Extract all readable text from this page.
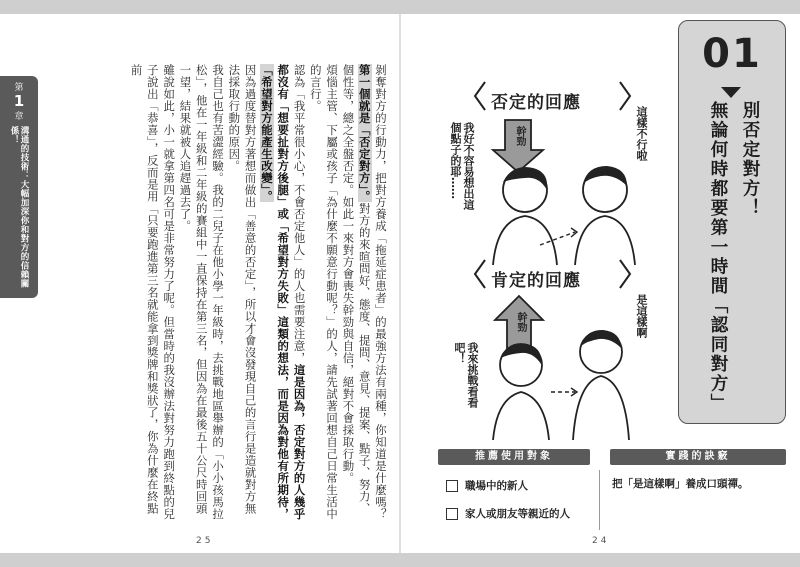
第
1
章
溝通的技術：大幅加深你和對方的信賴關係！	剝奪對方的行動力，把對方養成「拖延症患者」的最強方法有兩種，你知道是什麼嗎？

第一個就是「否定對方」。對方的來暄問好、態度、提問、意見、提案、點子、努力、個性等，總之全盤否定。如此一來對方會喪失幹勁與自信，絕對不會採取行動。

煩惱主管、下屬或孩子「為什麼不願意行動呢？」的人，請先試著回想自己日常生活中的言行。

認為「我平常很小心，不會否定他人」的人也需要注意，這是因為，否定對方的人幾乎都沒有「想要扯對方後腿」或「希望對方失敗」這類的想法，而是因為對他有所期待，「希望對方能產生改變」。

因為過度替對方著想而做出「善意的否定」，所以才會沒發現自己的言行是造就對方無法採取行動的原因。

我自己也有苦澀經驗。我的二兒子在他小學一年級時，去挑戰地區舉辦的「小小孩馬拉松」，他在一年級和二年級的賽組中一直保持在第三名，但因為在最後五十公尺時回頭一望，結果就被人追趕過去了。

雖說如此，小一就拿第四名可是非常努力了呢。但當時的我沒辦法對努力跑到終點的兒子說出「恭喜」，反而是用「只要跑進第三名就能拿到獎牌和獎狀了，你為什麼在終點前

25
01
別否定對方！
無論何時都要第一時間「認同對方」
否定的回應
幹勁
我好不容易想出這個點子的耶……	這樣不行啦
肯定的回應
幹勁
我來挑戰看看吧！
是這樣啊
推薦使用對象
職場中的新人
家人或朋友等親近的人
實踐的訣竅
把「是這樣啊」養成口頭禪。
24
